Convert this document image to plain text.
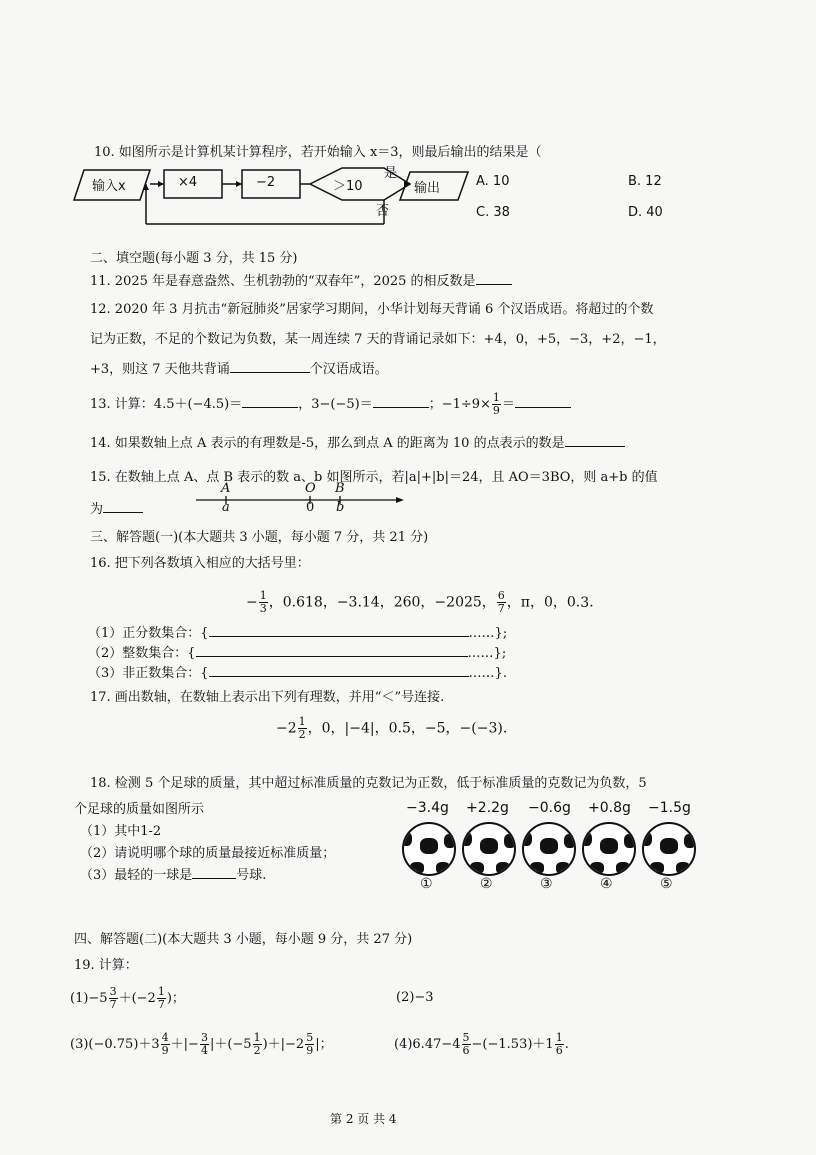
10. 如图所示是计算机某计算程序，若开始输入 x＝3，则最后输出的结果是（
输入x	×4	−2	＞10
是
否
输出	A. 10	B. 12
C. 38	D. 40
二、填空题(每小题 3 分，共 15 分)
11. 2025 年是春意盎然、生机勃勃的“双春年”，2025 的相反数是
12. 2020 年 3 月抗击“新冠肺炎”居家学习期间，小华计划每天背诵 6 个汉语成语。将超过的个数
记为正数，不足的个数记为负数，某一周连续 7 天的背诵记录如下：+4，0，+5，−3，+2，−1，
+3，则这 7 天他共背诵	个汉语成语。
13. 计算：4.5＋(−4.5)＝	，3−(−5)＝	；$-1\div 9\times \frac{1}{9}$ ＝
14. 如果数轴上点 A 表示的有理数是-5，那么到点 A 的距离为 10 的点表示的数是
15. 在数轴上点 A、点 B 表示的数 a、b 如图所示，若|a|+|b|＝24，且 AO＝3BO，则 a+b 的值
为
A	O B
a	0 b
三、解答题(一)(本大题共 3 小题，每小题 7 分，共 21 分)
16. 把下列各数填入相应的大括号里：
− $\frac{1}{3}$ ，0.618，−3.14，260，−2025， $\frac{6}{7}$ ，π，0，0.3.
（1）正分数集合：{	……};
（2）整数集合：{	……};
（3）非正数集合：{	……}.
17. 画出数轴，在数轴上表示出下列有理数，并用“＜”号连接.
$-2 \frac{1}{2}$ ，0，|−4|，0.5，−5，−(−3).
18. 检测 5 个足球的质量，其中超过标准质量的克数记为正数，低于标准质量的克数记为负数，5
个足球的质量如图所示
（1）其中1-2
（2）请说明哪个球的质量最接近标准质量；
（3）最轻的一球是	号球.
−3.4g +2.2g −0.6g +0.8g −1.5g
①	②	③	④	⑤
四、解答题(二)(本大题共 3 小题，每小题 9 分，共 27 分)
19. 计算：
$(1)-5 \frac{3}{7} +(-2 \frac{1}{7}$ )；	(2)−3
$(3)(-0.75)+3 \frac{4}{9}$ ＋|− $\frac{3}{4} |+(-5 \frac{1}{2} )+|-2 \frac{5}{9}$ |；	$(4)6.47-4 \frac{5}{6} -(-1.53)+1 \frac{1}{6}$ .
第 2 页 共 4
